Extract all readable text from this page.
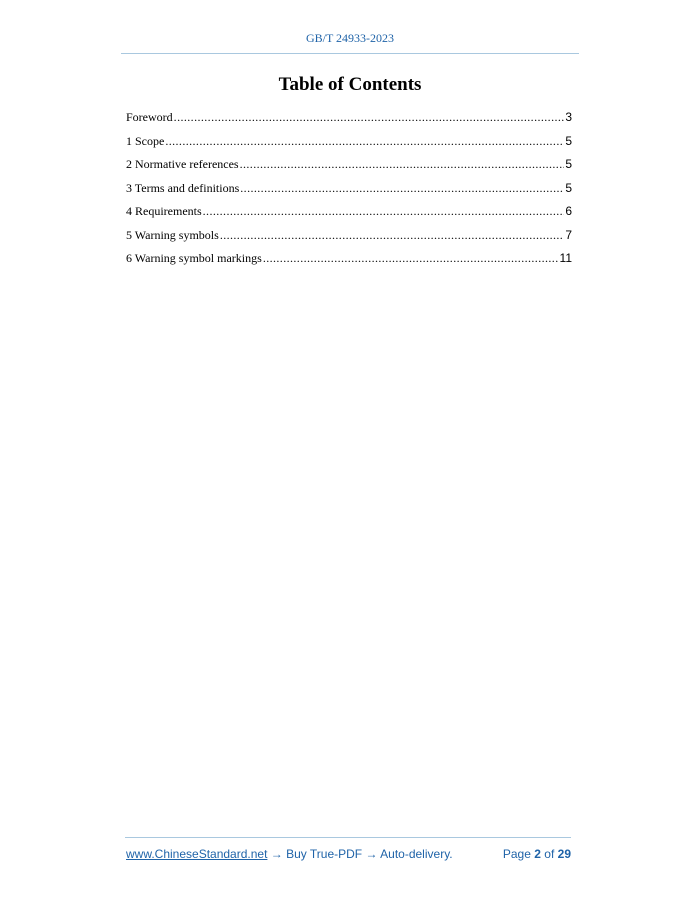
GB/T 24933-2023
Table of Contents
Foreword .....	3
1 Scope .....	5
2 Normative references .....	5
3 Terms and definitions .....	5
4 Requirements .....	6
5 Warning symbols .....	7
6 Warning symbol markings .....	11
www.ChineseStandard.net → Buy True-PDF → Auto-delivery.	Page 2 of 29
